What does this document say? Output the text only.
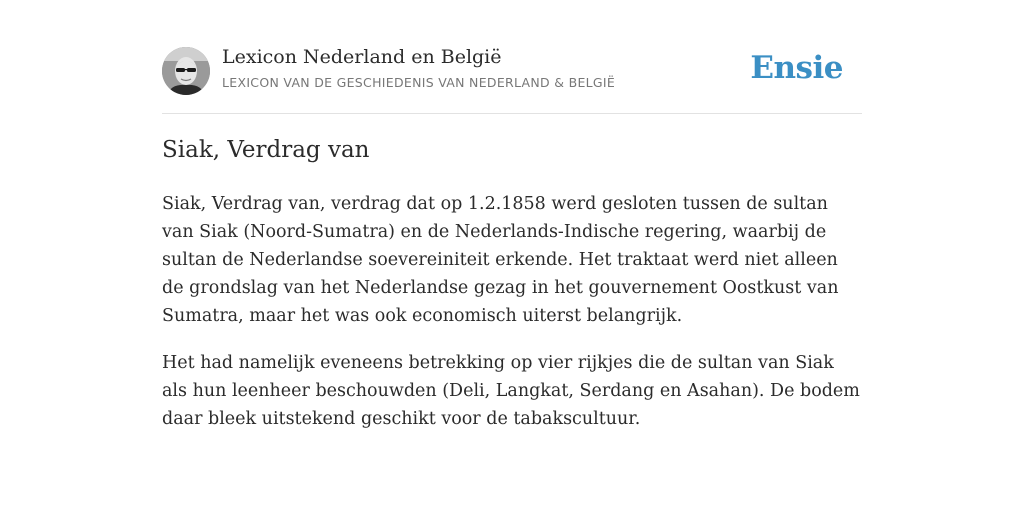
Lexicon Nederland en België
LEXICON VAN DE GESCHIEDENIS VAN NEDERLAND & BELGIË	Ensie
Siak, Verdrag van

Siak, Verdrag van, verdrag dat op 1.2.1858 werd gesloten tussen de sultan van Siak (Noord-Sumatra) en de Nederlands-Indische regering, waarbij de sultan de Nederlandse soevereiniteit erkende. Het traktaat werd niet alleen de grondslag van het Nederlandse gezag in het gouvernement Oostkust van Sumatra, maar het was ook economisch uiterst belangrijk.

Het had namelijk eveneens betrekking op vier rijkjes die de sultan van Siak als hun leenheer beschouwden (Deli, Langkat, Serdang en Asahan). De bodem daar bleek uitstekend geschikt voor de tabakscultuur.
